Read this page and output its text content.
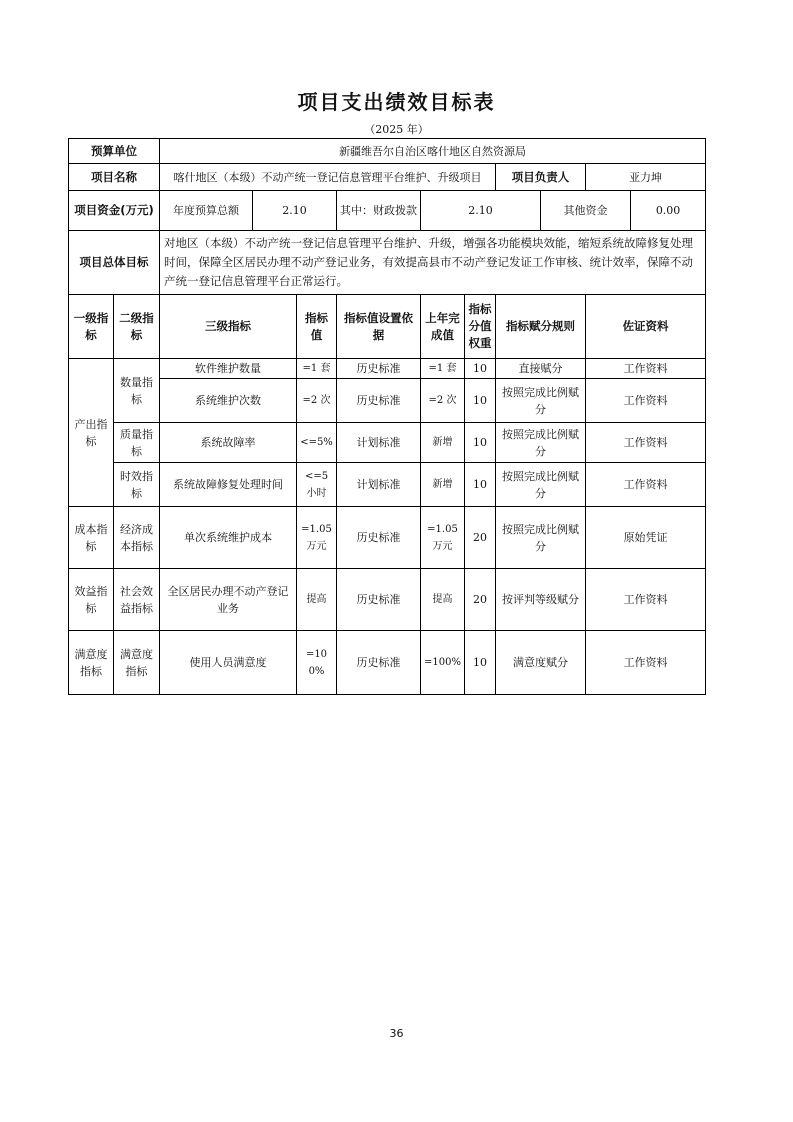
项目支出绩效目标表
（2025 年）
预算单位		新疆维吾尔自治区喀什地区自然资源局									
项目名称		喀什地区（本级）不动产统一登记信息管理平台维护、升级项目						项目负责人		亚力坤	
项目资金(万元)		年度预算总额	2.10		其中：财政拨款	2.10			其他资金		0.00
项目总体目标		对地区（本级）不动产统一登记信息管理平台维护、升级，增强各功能模块效能，缩短系统故障修复处理时间，保障全区居民办理不动产登记业务，有效提高县市不动产登记发证工作审核、统计效率，保障不动产统一登记信息管理平台正常运行。									
一级指标	二级指标	三级指标		指标值	指标值设置依据	上年完成值	指标分值权重	指标赋分规则		佐证资料	
产出指标	数量指标	软件维护数量		=1 套	历史标准	=1 套	10	直接赋分		工作资料	
		系统维护次数		=2 次	历史标准	=2 次	10	按照完成比例赋分		工作资料	
	质量指标	系统故障率		<=5%	计划标准	新增	10	按照完成比例赋分		工作资料	
	时效指标	系统故障修复处理时间		<=5小时	计划标准	新增	10	按照完成比例赋分		工作资料	

成本指标	经济成本指标	单次系统维护成本		=1.05万元	历史标准	=1.05万元	20	按照完成比例赋分		原始凭证	
效益指标	社会效益指标	全区居民办理不动产登记业务		提高	历史标准	提高	20	按评判等级赋分		工作资料	
满意度指标	满意度指标	使用人员满意度		=100%	历史标准	=100%	10	满意度赋分		工作资料	
36
